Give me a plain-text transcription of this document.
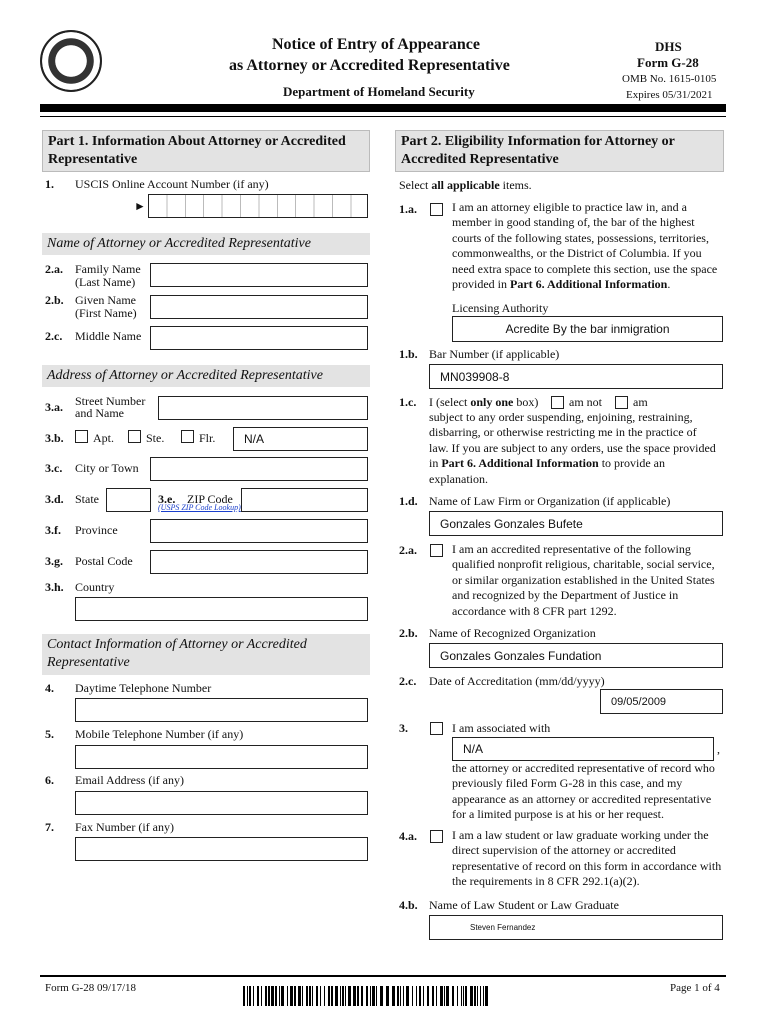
Notice of Entry of Appearance
as Attorney or Accredited Representative
Department of Homeland Security
DHS
Form G-28
OMB No. 1615-0105
Expires 05/31/2021
Part 1. Information About Attorney or Accredited Representative
1. USCIS Online Account Number (if any)
►
Name of Attorney or Accredited Representative
2.a. Family Name
(Last Name)
2.b. Given Name
(First Name)
2.c. Middle Name
Address of Attorney or Accredited Representative
3.a. Street Number
and Name
3.b. Apt.	Ste.	Flr.	N/A
3.c. City or Town
3.d. State	3.e. ZIP Code
(USPS ZIP Code Lookup)
3.f. Province
3.g. Postal Code
3.h. Country
Contact Information of Attorney or Accredited Representative
4. Daytime Telephone Number
5. Mobile Telephone Number (if any)
6. Email Address (if any)
7. Fax Number (if any)
Part 2. Eligibility Information for Attorney or Accredited Representative
Select all applicable items.
1.a.	I am an attorney eligible to practice law in, and a member in good standing of, the bar of the highest courts of the following states, possessions, territories, commonwealths, or the District of Columbia. If you need extra space to complete this section, use the space provided in Part 6. Additional Information.
Licensing Authority
Acredite By the bar inmigration
1.b. Bar Number (if applicable)
MN039908-8
1.c. I (select only one box)	am not	am
subject to any order suspending, enjoining, restraining, disbarring, or otherwise restricting me in the practice of law. If you are subject to any orders, use the space provided in Part 6. Additional Information to provide an explanation.
1.d. Name of Law Firm or Organization (if applicable)
Gonzales Gonzales Bufete
2.a.	I am an accredited representative of the following qualified nonprofit religious, charitable, social service, or similar organization established in the United States and recognized by the Department of Justice in accordance with 8 CFR part 1292.
2.b. Name of Recognized Organization
Gonzales Gonzales Fundation
2.c. Date of Accreditation (mm/dd/yyyy)
09/05/2009
3.	I am associated with
N/A	,
the attorney or accredited representative of record who previously filed Form G-28 in this case, and my appearance as an attorney or accredited representative for a limited purpose is at his or her request.
4.a.	I am a law student or law graduate working under the direct supervision of the attorney or accredited representative of record on this form in accordance with the requirements in 8 CFR 292.1(a)(2).
4.b. Name of Law Student or Law Graduate
Steven Fernandez
Form G-28 09/17/18	Page 1 of 4
